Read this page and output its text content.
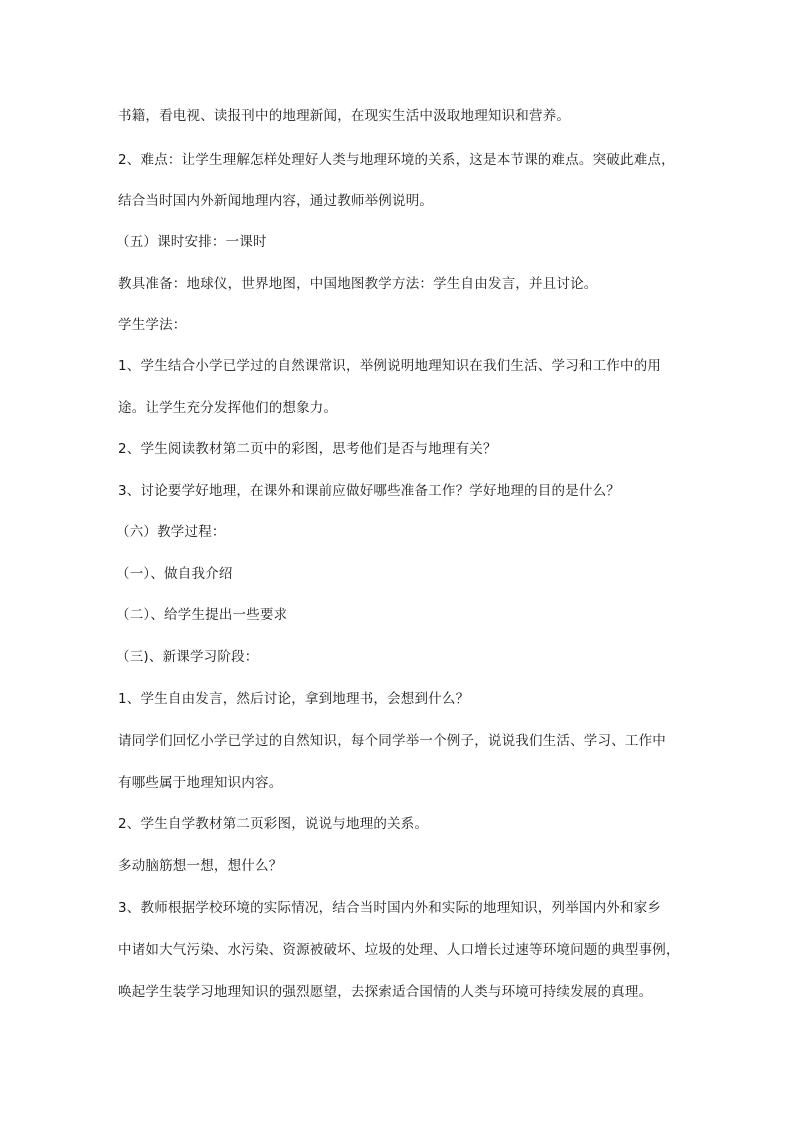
书籍，看电视、读报刊中的地理新闻，在现实生活中汲取地理知识和营养。
2、难点：让学生理解怎样处理好人类与地理环境的关系，这是本节课的难点。突破此难点，
结合当时国内外新闻地理内容，通过教师举例说明。
（五）课时安排：一课时
教具准备：地球仪，世界地图，中国地图教学方法：学生自由发言，并且讨论。
学生学法：
1、学生结合小学已学过的自然课常识，举例说明地理知识在我们生活、学习和工作中的用
途。让学生充分发挥他们的想象力。
2、学生阅读教材第二页中的彩图，思考他们是否与地理有关？
3、讨论要学好地理，在课外和课前应做好哪些准备工作？学好地理的目的是什么？
（六）教学过程：
（一）、做自我介绍
（二）、给学生提出一些要求
（三)、新课学习阶段：
1、学生自由发言，然后讨论，拿到地理书，会想到什么？
请同学们回忆小学已学过的自然知识，每个同学举一个例子，说说我们生活、学习、工作中
有哪些属于地理知识内容。
2、学生自学教材第二页彩图，说说与地理的关系。
多动脑筋想一想，想什么？
3、教师根据学校环境的实际情况，结合当时国内外和实际的地理知识，列举国内外和家乡
中诸如大气污染、水污染、资源被破坏、垃圾的处理、人口增长过速等环境问题的典型事例，
唤起学生装学习地理知识的强烈愿望，去探索适合国情的人类与环境可持续发展的真理。
